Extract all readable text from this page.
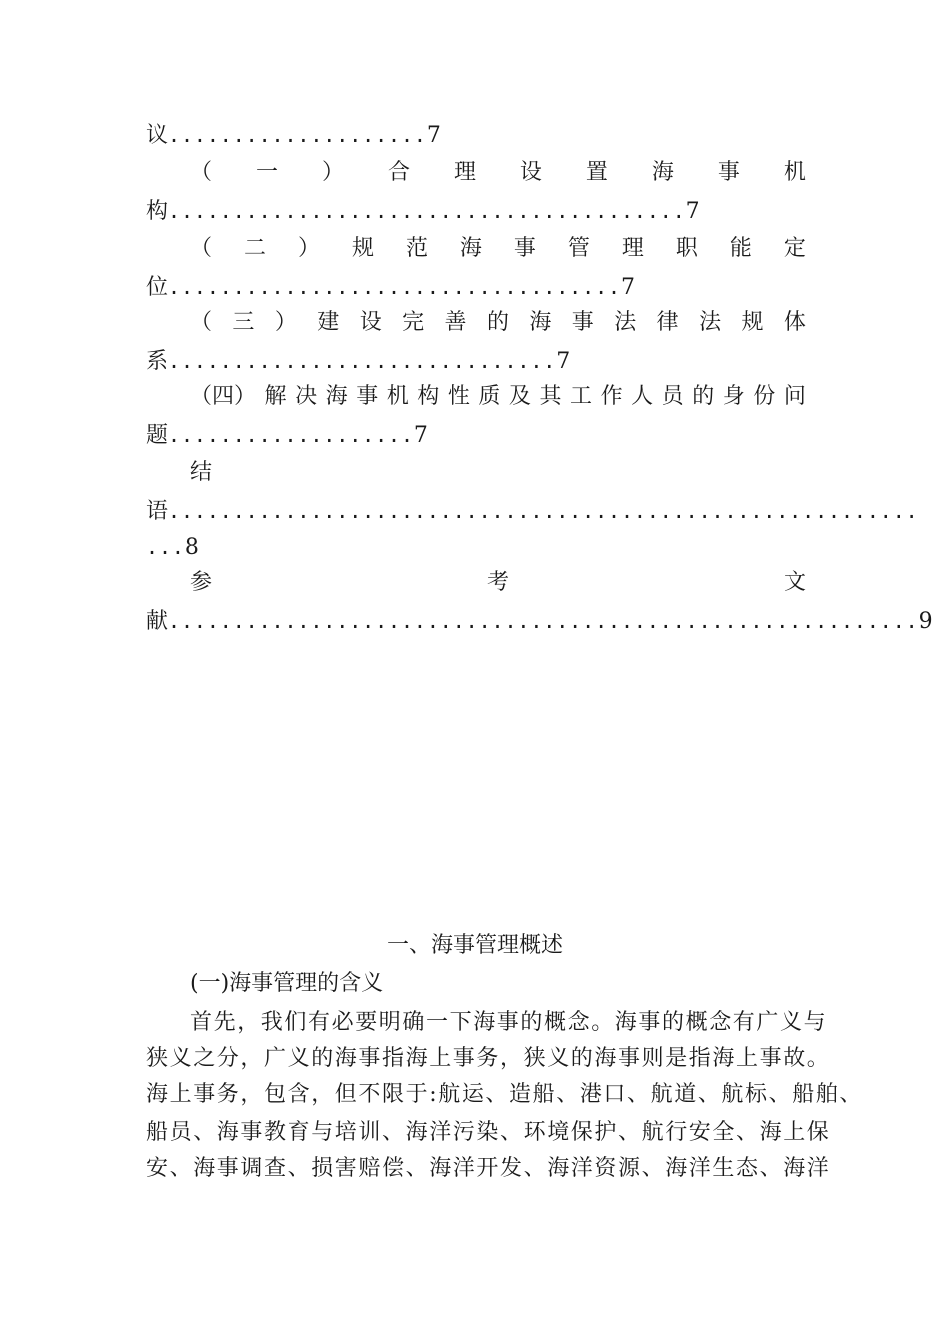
议....................7
（ 一 ） 合 理 设 置 海 事 机
构........................................7
（ 二 ） 规 范 海 事 管 理 职 能 定
位...................................7
（ 三 ） 建 设 完 善 的 海 事 法 律 法 规 体
系..............................7
（四） 解 决 海 事 机 构 性 质 及 其 工 作 人 员 的 身 份 问
题...................7
结
语..........................................................
...8
参	考	文
献..........................................................9
一、海事管理概述
(一)海事管理的含义
首先，我们有必要明确一下海事的概念。海事的概念有广义与
狭义之分，广义的海事指海上事务，狭义的海事则是指海上事故。
海上事务，包含，但不限于:航运、造船、港口、航道、航标、船舶、
船员、海事教育与培训、海洋污染、环境保护、航行安全、海上保
安、海事调查、损害赔偿、海洋开发、海洋资源、海洋生态、海洋
